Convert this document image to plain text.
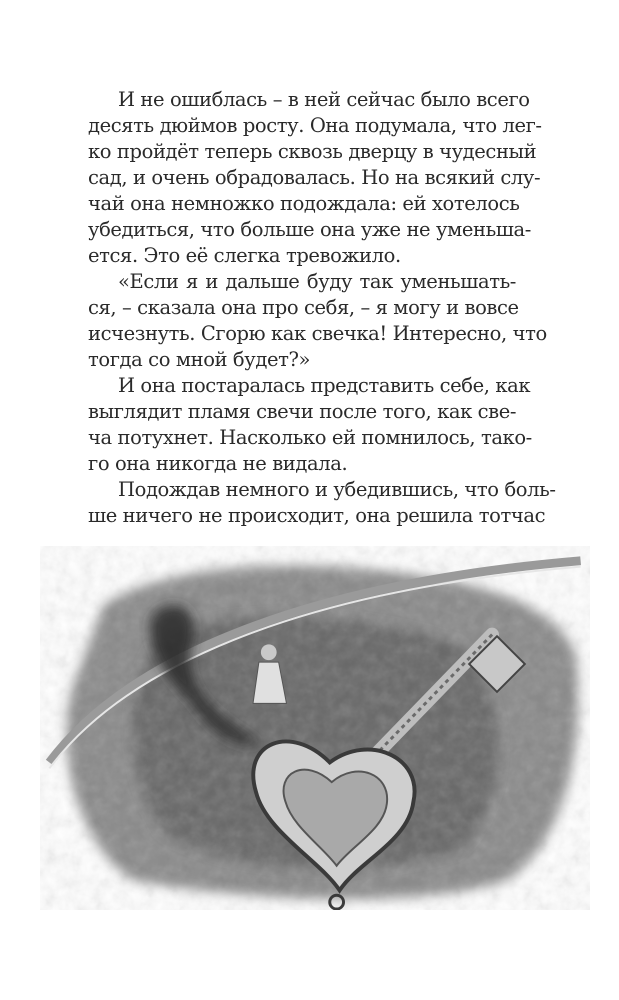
И не ошиблась – в ней сейчас было всего
десять дюймов росту. Она подумала, что лег-
ко пройдёт теперь сквозь дверцу в чудесный
сад, и очень обрадовалась. Но на всякий слу-
чай она немножко подождала: ей хотелось
убедиться, что больше она уже не уменьша-
ется. Это её слегка тревожило.
«Если я и дальше буду так уменьшать-
ся, – сказала она про себя, – я могу и вовсе
исчезнуть. Сгорю как свечка! Интересно, что
тогда со мной будет?»
И она постаралась представить себе, как
выглядит пламя свечи после того, как све-
ча потухнет. Насколько ей помнилось, тако-
го она никогда не видала.
Подождав немного и убедившись, что боль-
ше ничего не происходит, она решила тотчас
